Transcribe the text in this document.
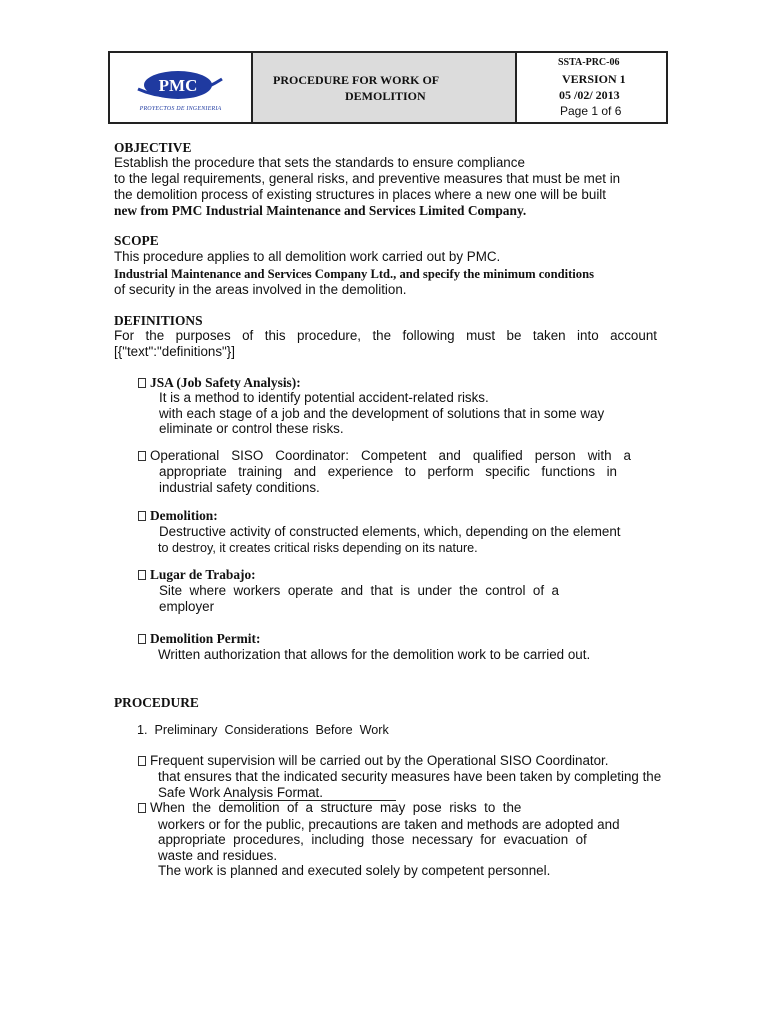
PMC
PROYECTOS DE INGENIERIA
PROCEDURE FOR WORK OF
DEMOLITION
SSTA-PRC-06
VERSION 1
05 /02/ 2013
Page 1 of 6
OBJECTIVE
Establish the procedure that sets the standards to ensure compliance
to the legal requirements, general risks, and preventive measures that must be met in
the demolition process of existing structures in places where a new one will be built
new from PMC Industrial Maintenance and Services Limited Company.
SCOPE
This procedure applies to all demolition work carried out by PMC.
Industrial Maintenance and Services Company Ltd., and specify the minimum conditions
of security in the areas involved in the demolition.
DEFINITIONS
For the purposes of this procedure, the following must be taken into account
[{"text":"definitions"}]
JSA (Job Safety Analysis):
It is a method to identify potential accident-related risks.
with each stage of a job and the development of solutions that in some way
eliminate or control these risks.
Operational SISO Coordinator: Competent and qualified person with a
appropriate training and experience to perform specific functions in
industrial safety conditions.
Demolition:
Destructive activity of constructed elements, which, depending on the element
to destroy, it creates critical risks depending on its nature.
Lugar de Trabajo:
Site where workers operate and that is under the control of a
employer
Demolition Permit:
Written authorization that allows for the demolition work to be carried out.
PROCEDURE
1.  Preliminary  Considerations  Before  Work
Frequent supervision will be carried out by the Operational SISO Coordinator.
that ensures that the indicated security measures have been taken by completing the
Safe Work Analysis Format.
When  the  demolition  of  a  structure  may  pose  risks  to  the
workers or for the public, precautions are taken and methods are adopted and
appropriate  procedures,  including  those  necessary  for  evacuation  of
waste and residues.
The work is planned and executed solely by competent personnel.
